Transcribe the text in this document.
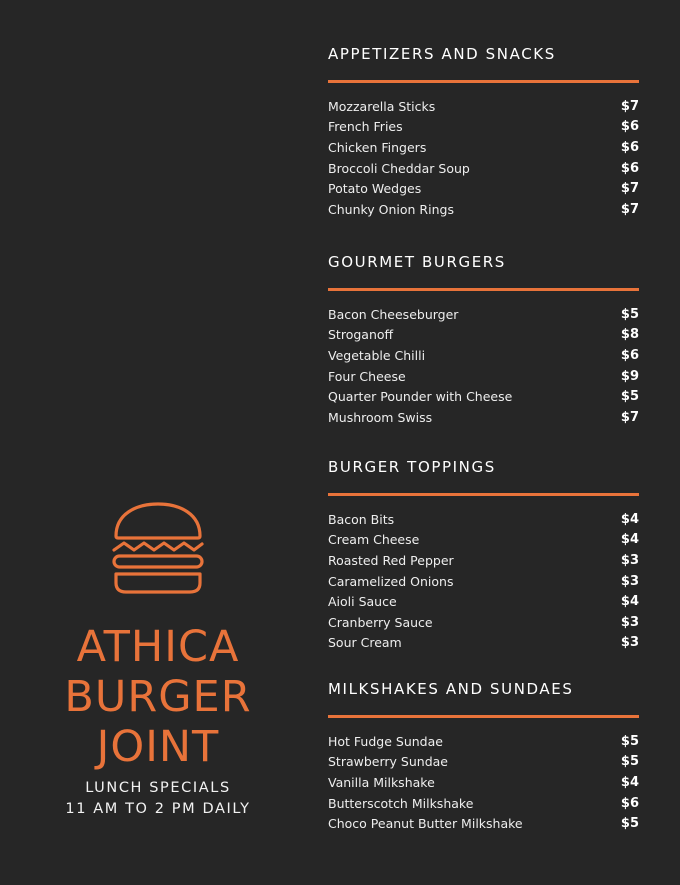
ATHICA
BURGER
JOINT
LUNCH SPECIALS
11 AM TO 2 PM DAILY
APPETIZERS AND SNACKS
Mozzarella Sticks	$7
French Fries	$6
Chicken Fingers	$6
Broccoli Cheddar Soup	$6
Potato Wedges	$7
Chunky Onion Rings	$7
GOURMET BURGERS
Bacon Cheeseburger	$5
Stroganoff	$8
Vegetable Chilli	$6
Four Cheese	$9
Quarter Pounder with Cheese	$5
Mushroom Swiss	$7
BURGER TOPPINGS
Bacon Bits	$4
Cream Cheese	$4
Roasted Red Pepper	$3
Caramelized Onions	$3
Aioli Sauce	$4
Cranberry Sauce	$3
Sour Cream	$3
MILKSHAKES AND SUNDAES
Hot Fudge Sundae	$5
Strawberry Sundae	$5
Vanilla Milkshake	$4
Butterscotch Milkshake	$6
Choco Peanut Butter Milkshake	$5
